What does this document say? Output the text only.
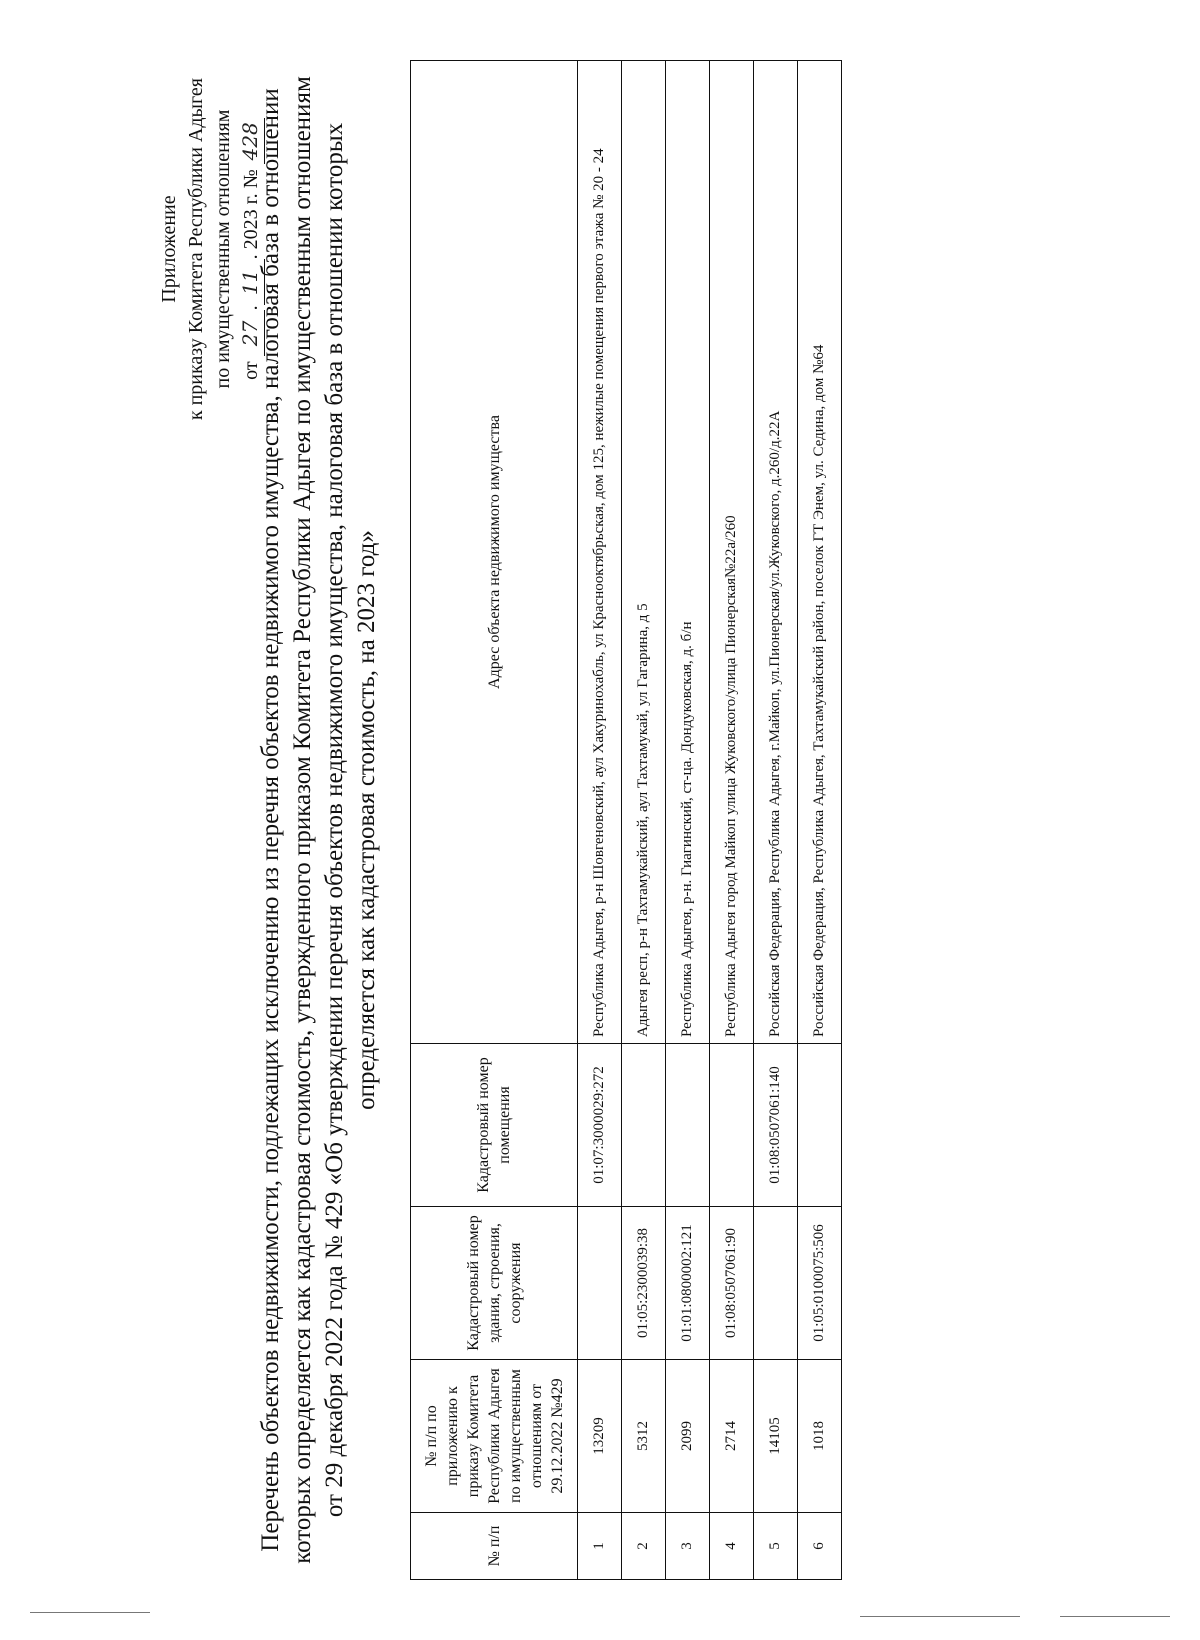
Приложение к приказу Комитета Республики Адыгея по имущественным отношениям от 27.11. 2023 г. № 428
Перечень объектов недвижимости, подлежащих исключению из перечня объектов недвижимого имущества, налоговая база в отношении которых определяется как кадастровая стоимость, утвержденного приказом Комитета Республики Адыгея по имущественным отношениям от 29 декабря 2022 года № 429 «Об утверждении перечня объектов недвижимого имущества, налоговая база в отношении которых определяется как кадастровая стоимость, на 2023 год»
№ п/п	№ п/п по приложению к приказу Комитета Республики Адыгея по имущественным отношениям от 29.12.2022 №429	Кадастровый номер здания, строения, сооружения	Кадастровый номер помещения	Адрес объекта недвижимого имущества
1	13209		01:07:3000029:272	Республика Адыгея, р-н Шовгеновский, аул Хакуринохабль, ул Краснооктябрьская, дом 125, нежилые помещения первого этажа № 20 - 24
2	5312	01:05:2300039:38		Адыгея респ, р-н Тахтамукайский, аул Тахтамукай, ул Гагарина, д 5
3	2099	01:01:0800002:121		Республика Адыгея, р-н. Гиагинский, ст-ца. Дондуковская, д. б/н
4	2714	01:08:0507061:90		Республика Адыгея город Майкоп улица Жуковского/улица Пионерская№22а/260
5	14105		01:08:0507061:140	Российская Федерация, Республика Адыгея, г.Майкоп, ул.Пионерская/ул.Жуковского, д.260/д.22А
6	1018	01:05:0100075:506		Российская Федерация, Республика Адыгея, Тахтамукайский район, поселок ГТ Энем, ул. Седина, дом №64
